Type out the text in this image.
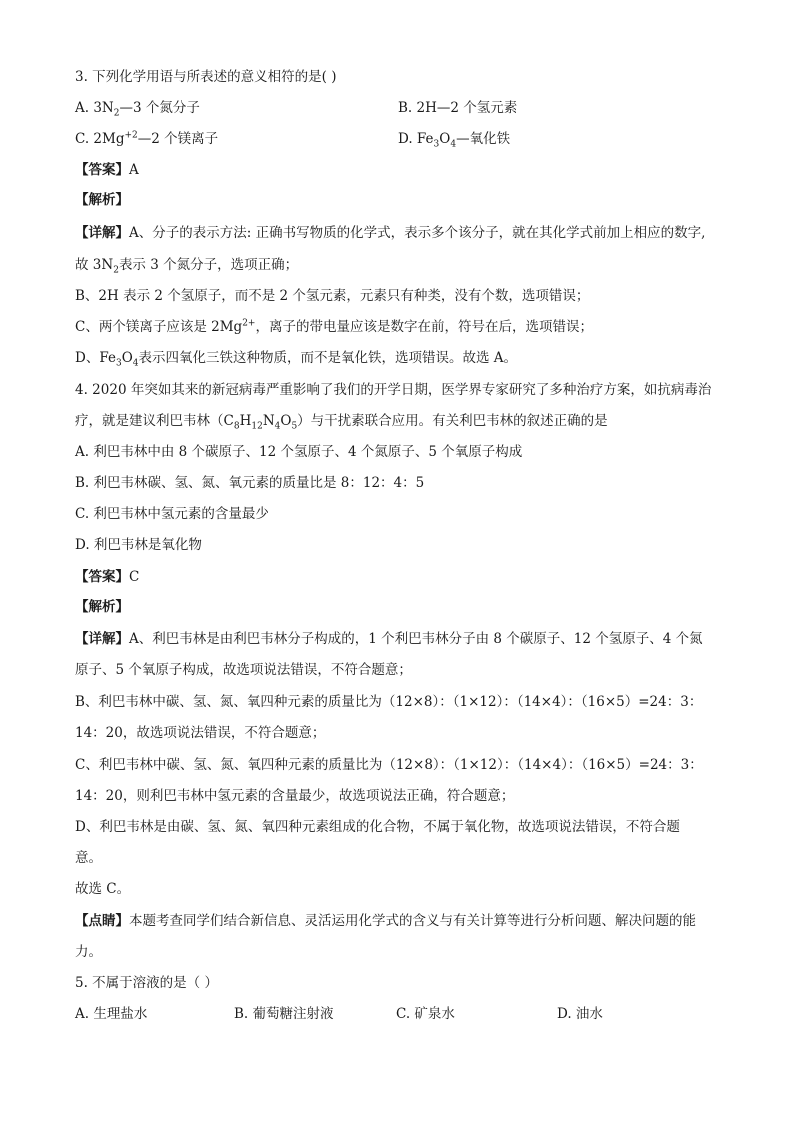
3. 下列化学用语与所表述的意义相符的是( )
A. $3N_2—3$ 个氮分子	B. 2H—2 个氢元素
C. $2Mg^{+2}—2$ 个镁离子	D. $Fe_3O_4—$氧化铁
【答案】A
【解析】
【详解】A、分子的表示方法: 正确书写物质的化学式，表示多个该分子，就在其化学式前加上相应的数字,
故 $3N_2$表示 3 个氮分子，选项正确；
B、2H 表示 2 个氢原子，而不是 2 个氢元素，元素只有种类，没有个数，选项错误；
C、两个镁离子应该是 $2Mg^{2+}$，离子的带电量应该是数字在前，符号在后，选项错误；
D、$Fe_3O_4$表示四氧化三铁这种物质，而不是氧化铁，选项错误。故选 A。
4. 2020 年突如其来的新冠病毒严重影响了我们的开学日期，医学界专家研究了多种治疗方案，如抗病毒治
疗，就是建议利巴韦林$(C_8H_{12}N_4O_5)$与干扰素联合应用。有关利巴韦林的叙述正确的是
A. 利巴韦林中由 8 个碳原子、12 个氢原子、4 个氮原子、5 个氧原子构成
B. 利巴韦林碳、氢、氮、氧元素的质量比是 8：12：4：5
C. 利巴韦林中氢元素的含量最少
D. 利巴韦林是氧化物
【答案】C
【解析】
【详解】A、利巴韦林是由利巴韦林分子构成的，1 个利巴韦林分子由 8 个碳原子、12 个氢原子、4 个氮
原子、5 个氧原子构成，故选项说法错误，不符合题意；
B、利巴韦林中碳、氢、氮、氧四种元素的质量比为（12×8）：（1×12）：（14×4）：（16×5）=24：3：
14：20，故选项说法错误，不符合题意；
C、利巴韦林中碳、氢、氮、氧四种元素的质量比为（12×8）：（1×12）：（14×4）：（16×5）=24：3：
14：20，则利巴韦林中氢元素的含量最少，故选项说法正确，符合题意；
D、利巴韦林是由碳、氢、氮、氧四种元素组成的化合物，不属于氧化物，故选项说法错误，不符合题
意。
故选 C。
【点睛】本题考查同学们结合新信息、灵活运用化学式的含义与有关计算等进行分析问题、解决问题的能
力。
5. 不属于溶液的是（ ）
A. 生理盐水	B. 葡萄糖注射液	C. 矿泉水	D. 油水
